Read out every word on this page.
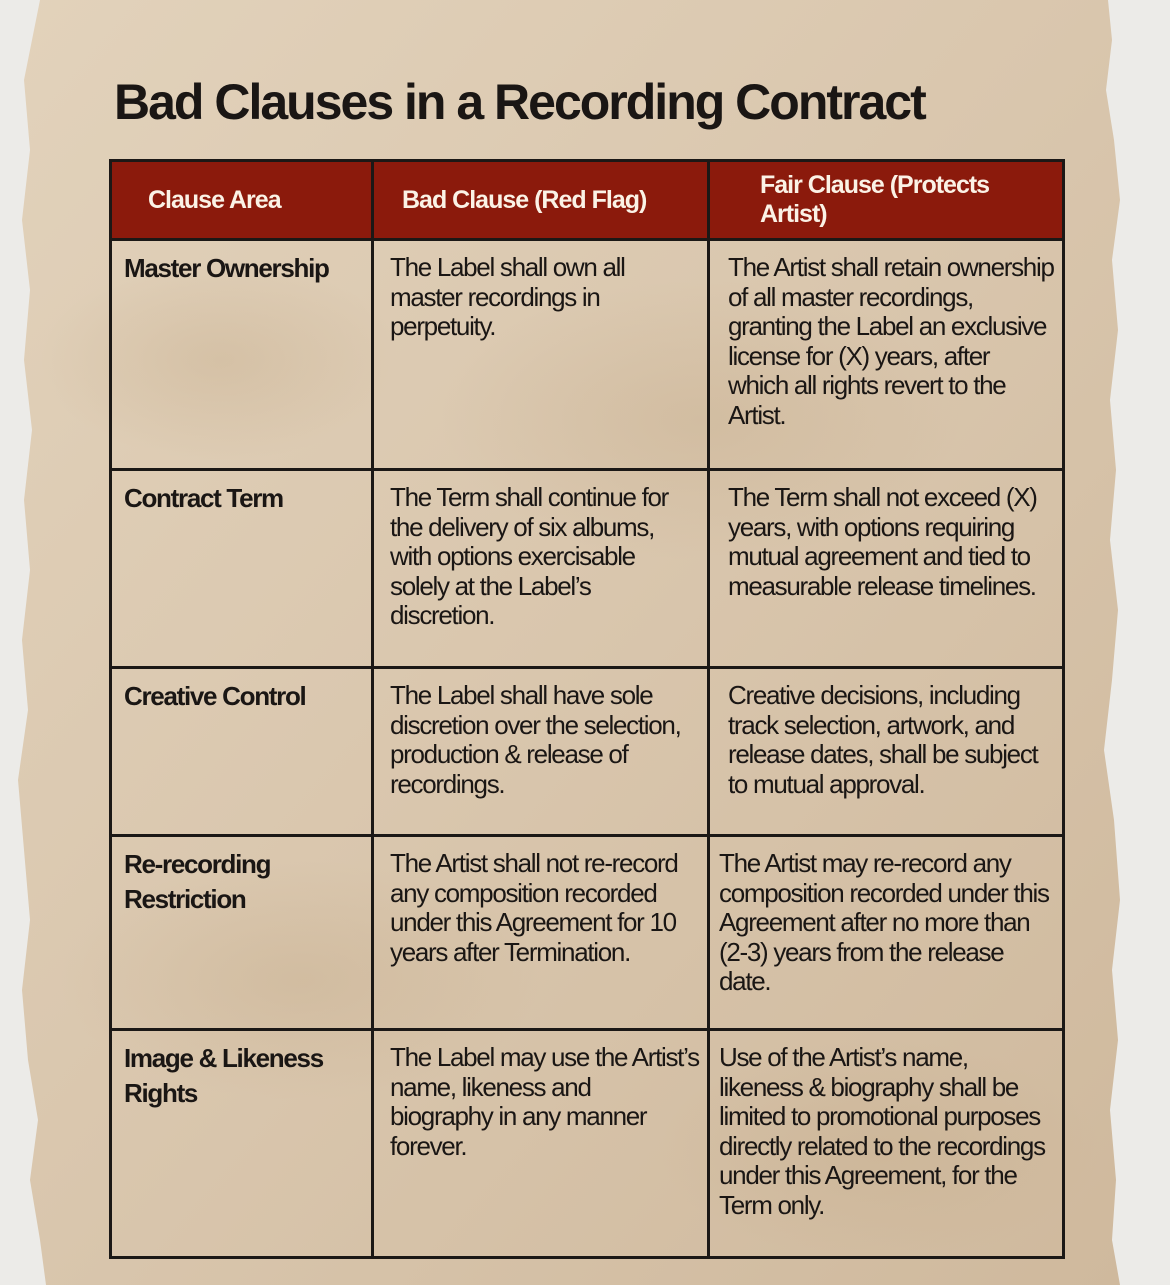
Bad Clauses in a Recording Contract
Clause Area	Bad Clause (Red Flag)	Fair Clause (Protects Artist)
Master Ownership	The Label shall own all master recordings in perpetuity.	The Artist shall retain ownership of all master recordings, granting the Label an exclusive license for (X) years, after which all rights revert to the Artist.
Contract Term	The Term shall continue for the delivery of six albums, with options exercisable solely at the Label’s discretion.	The Term shall not exceed (X) years, with options requiring mutual agreement and tied to measurable release timelines.
Creative Control	The Label shall have sole discretion over the selection, production & release of recordings.	Creative decisions, including track selection, artwork, and release dates, shall be subject to mutual approval.
Re-recording Restriction	The Artist shall not re-record any composition recorded under this Agreement for 10 years after Termination.	The Artist may re-record any composition recorded under this Agreement after no more than (2-3) years from the release date.
Image & Likeness Rights	The Label may use the Artist’s name, likeness and biography in any manner forever.	Use of the Artist’s name, likeness & biography shall be limited to promotional purposes directly related to the recordings under this Agreement, for the Term only.
